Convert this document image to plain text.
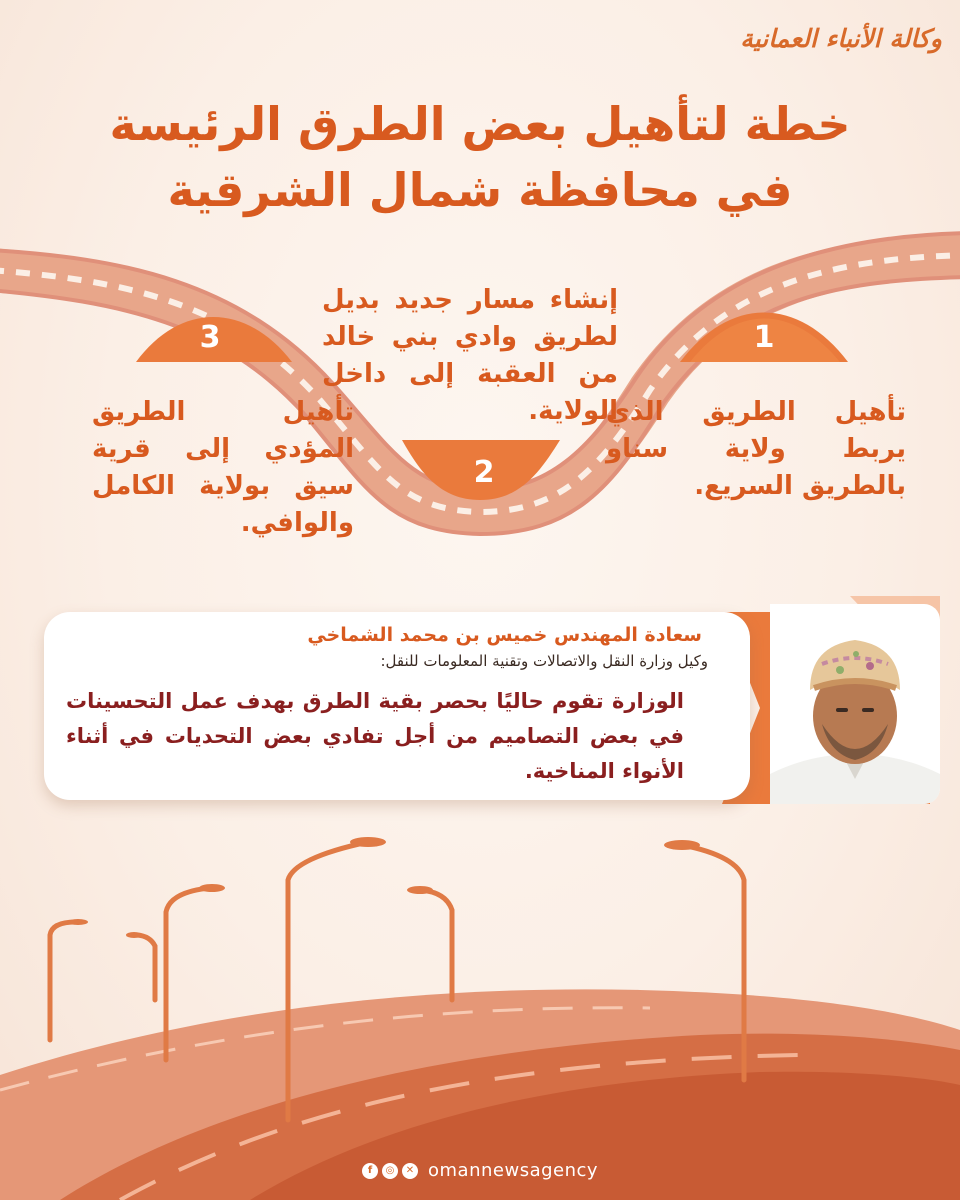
وكالة الأنباء العمانية
خطة لتأهيل بعض الطرق الرئيسة
في محافظة شمال الشرقية
1

تأهيل الطريق الذي يربط ولاية سناو بالطريق السريع.

2

إنشاء مسار جديد بديل لطريق وادي بني خالد من العقبة إلى داخل الولاية.

3

تأهيل الطريق المؤدي إلى قرية سيق بولاية الكامل والوافي.

سعادة المهندس خميس بن محمد الشماخي

وكيل وزارة النقل والاتصالات وتقنية المعلومات للنقل:

الوزارة تقوم حاليًا بحصر بقية الطرق بهدف عمل التحسينات في بعض التصاميم من أجل تفادي بعض التحديات في أثناء الأنواء المناخية.

f	◎	✕ omannewsagency
